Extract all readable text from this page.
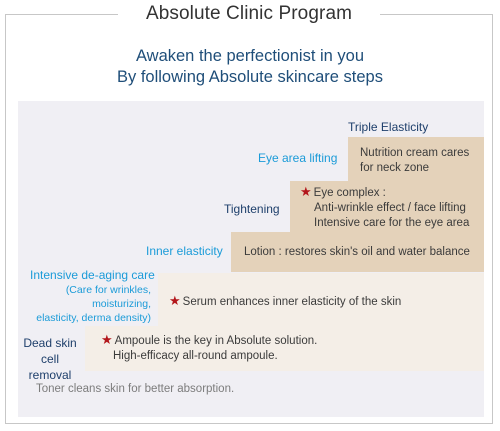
Absolute Clinic Program
Awaken the perfectionist in you
By following Absolute skincare steps
★ Ampoule is the key in Absolute solution.
High-efficacy all-round ampoule.
Dead skin
cell removal
★ Serum enhances inner elasticity of the skin
Intensive de-aging care
(Care for wrinkles,
moisturizing,
elasticity, derma density)
Lotion : restores skin's oil and water balance
Inner elasticity
★ Eye complex :
Anti-wrinkle effect / face lifting
Intensive care for the eye area
Tightening
Nutrition cream cares
for neck zone
Eye area lifting
Triple Elasticity
Toner cleans skin for better absorption.
